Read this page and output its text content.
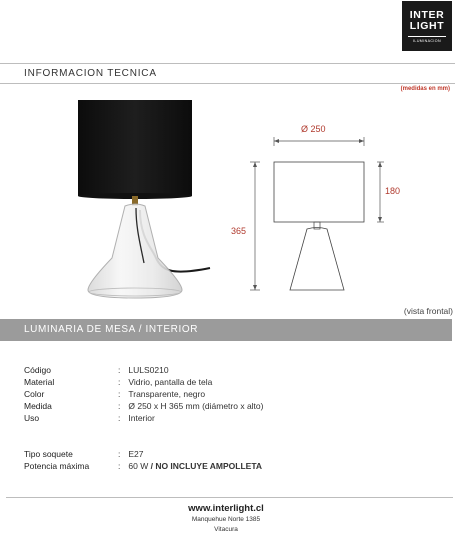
INTER
LIGHT
ILUMINACION
INFORMACION TECNICA
(medidas en mm)
Ø 250
180
365
(vista frontal)
LUMINARIA DE MESA / INTERIOR
Código	: LULS0210
Material	: Vidrio, pantalla de tela
Color	: Transparente, negro
Medida	: Ø 250 x H 365 mm (diámetro x alto)
Uso	: Interior
Tipo soquete	: E27
Potencia máxima	: 60 W / NO INCLUYE AMPOLLETA
www.interlight.cl
Manquehue Norte 1385
Vitacura
